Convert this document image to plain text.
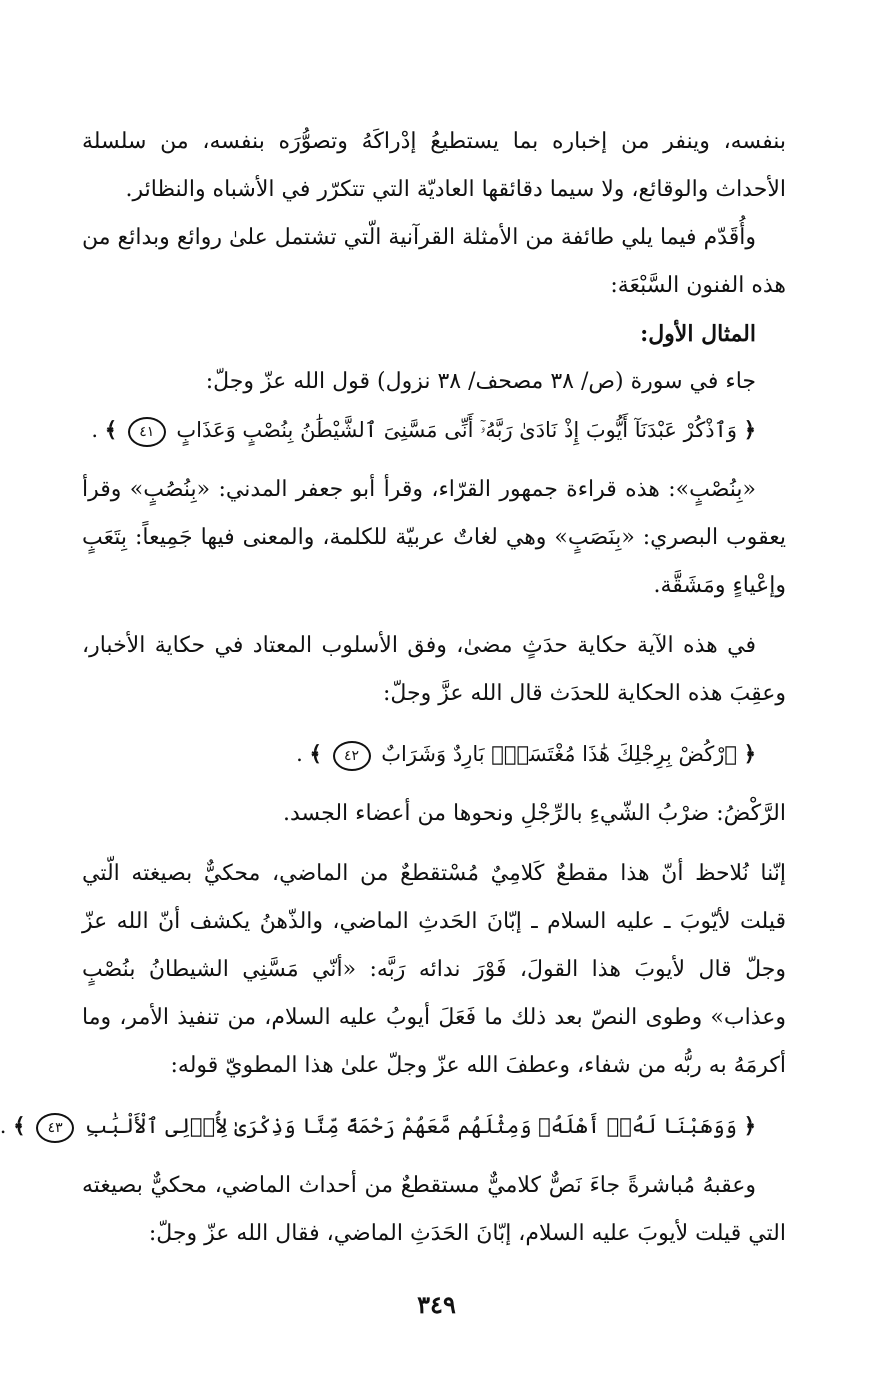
بنفسه، وينفر من إخباره بما يستطيعُ إدْراكَهُ وتصوُّرَه بنفسه، من سلسلة الأحداث والوقائع، ولا سيما دقائقها العاديّة التي تتكرّر في الأشباه والنظائر.

وأُقَدّم فيما يلي طائفة من الأمثلة القرآنية الّتي تشتمل علىٰ روائع وبدائع من هذه الفنون السَّبْعَة:

المثال الأول:

جاء في سورة (ص/ ٣٨ مصحف/ ٣٨ نزول) قول الله عزّ وجلّ:

﴿ وَٱذْكُرْ عَبْدَنَآ أَيُّوبَ إِذْ نَادَىٰ رَبَّهُۥٓ أَنِّى مَسَّنِىَ ٱلشَّيْطَٰنُ بِنُصْبٍ وَعَذَابٍ ٤١ ﴾ .

«بِنُصْبٍ»: هذه قراءة جمهور القرّاء، وقرأ أبو جعفر المدني: «بِنُصُبٍ» وقرأ يعقوب البصري: «بِنَصَبٍ» وهي لغاتٌ عربيّة للكلمة، والمعنى فيها جَمِيعاً: بِتَعَبٍ وإعْياءٍ ومَشَقَّة.

في هذه الآية حكاية حدَثٍ مضىٰ، وفق الأسلوب المعتاد في حكاية الأخبار، وعقِبَ هذه الحكاية للحدَث قال الله عزَّ وجلّ:

﴿ ٱرْكُضْ بِرِجْلِكَ هَٰذَا مُغْتَسَلٌۢ بَارِدٌ وَشَرَابٌ ٤٢ ﴾ .

الرَّكْضُ: ضرْبُ الشّيءِ بالرِّجْلِ ونحوها من أعضاء الجسد.

إنّنا نُلاحظ أنّ هذا مقطعٌ كَلامِيٌ مُسْتقطعٌ من الماضي، محكيٌّ بصيغته الّتي قيلت لأيّوبَ ـ عليه السلام ـ إبّانَ الحَدثِ الماضي، والذّهنُ يكشف أنّ الله عزّ وجلّ قال لأيوبَ هذا القولَ، فَوْرَ ندائه رَبَّه: «أنّي مَسَّنِي الشيطانُ بنُصْبٍ وعذاب» وطوى النصّ بعد ذلك ما فَعَلَ أيوبُ عليه السلام، من تنفيذ الأمر، وما أكرمَهُ به ربُّه من شفاء، وعطفَ الله عزّ وجلّ علىٰ هذا المطويّ قوله:

﴿ وَوَهَبْنَا لَهُۥٓ أَهْلَهُۥ وَمِثْلَهُم مَّعَهُمْ رَحْمَةً مِّنَّا وَذِكْرَىٰ لِأُو۟لِى ٱلْأَلْبَٰبِ ٤٣ ﴾ .

وعقبهُ مُباشرةً جاءَ نَصٌّ كلاميٌّ مستقطعٌ من أحداث الماضي، محكيٌّ بصيغته التي قيلت لأيوبَ عليه السلام، إبّانَ الحَدَثِ الماضي، فقال الله عزّ وجلّ:

٣٤٩
